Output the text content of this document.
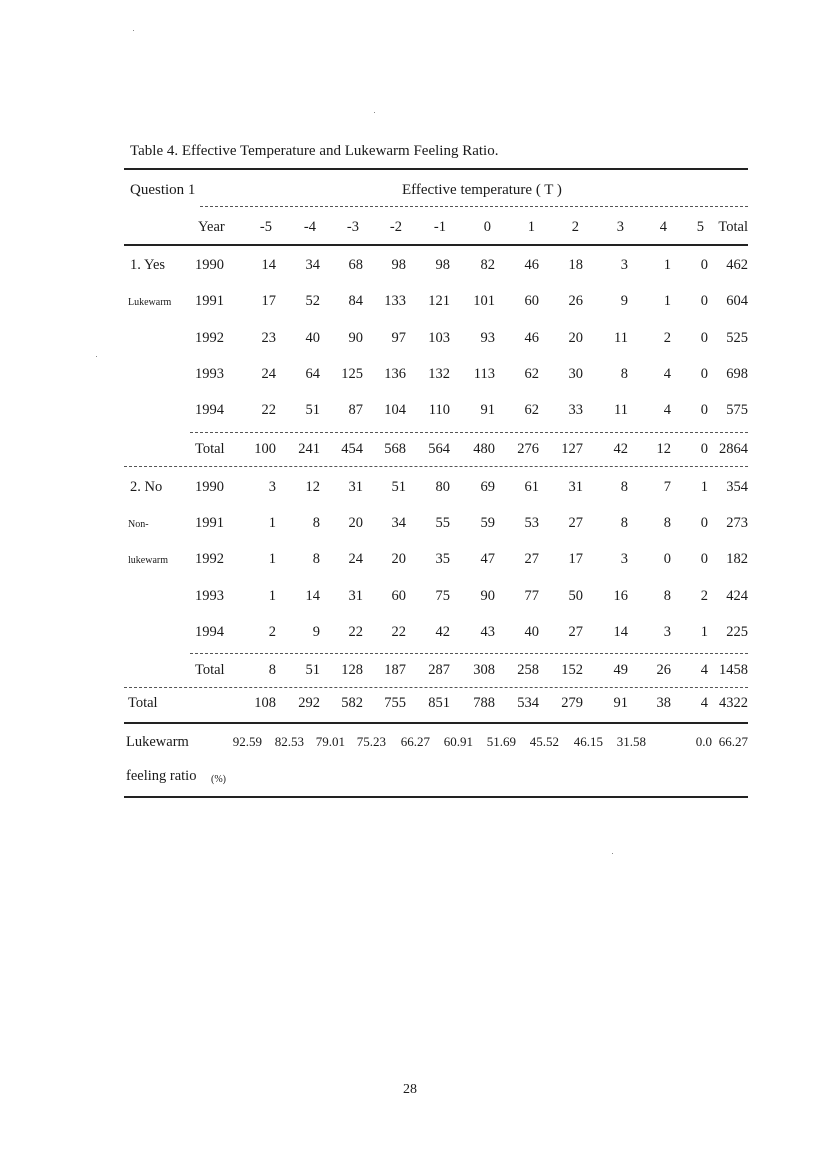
Table 4. Effective Temperature and Lukewarm Feeling Ratio.
Question 1	Effective temperature ( T )
Year -5 -4 -3 -2 -1	0	1	2	3 4 5 Total
1. Yes
Lukewarm
1990	14 34 68 98 98 82 46 18	3 1 0 462
1991	17 52 84 133 121 101 60 26	9 1 0 604
1992	23 40 90 97 103 93 46 20 11 2 0 525
1993	24 64 125 136 132 113 62 30	8 4 0 698
1994	22 51 87 104 110 91 62 33 11 4 0 575
Total 100 241 454 568 564 480 276 127 42 12 0 2864
2. No
Non-
lukewarm
1990	3 12 31 51 80 69 61 31	8 7 1 354
1991	1	8 20 34 55 59 53 27	8 8 0 273
1992	1	8 24 20 35 47 27 17	3 0 0 182
1993	1 14 31 60 75 90 77 50 16 8 2 424
1994	2	9 22 22 42 43 40 27 14 3 1 225
Total	8 51 128 187 287 308 258 152 49 26 4 1458
Total	108 292 582 755 851 788 534 279 91 38 4 4322
Lukewarm	92.59 82.53 79.01 75.23 66.27 60.91 51.69 45.52 46.15 31.58	0.0 66.27
feeling ratio (%)
28
